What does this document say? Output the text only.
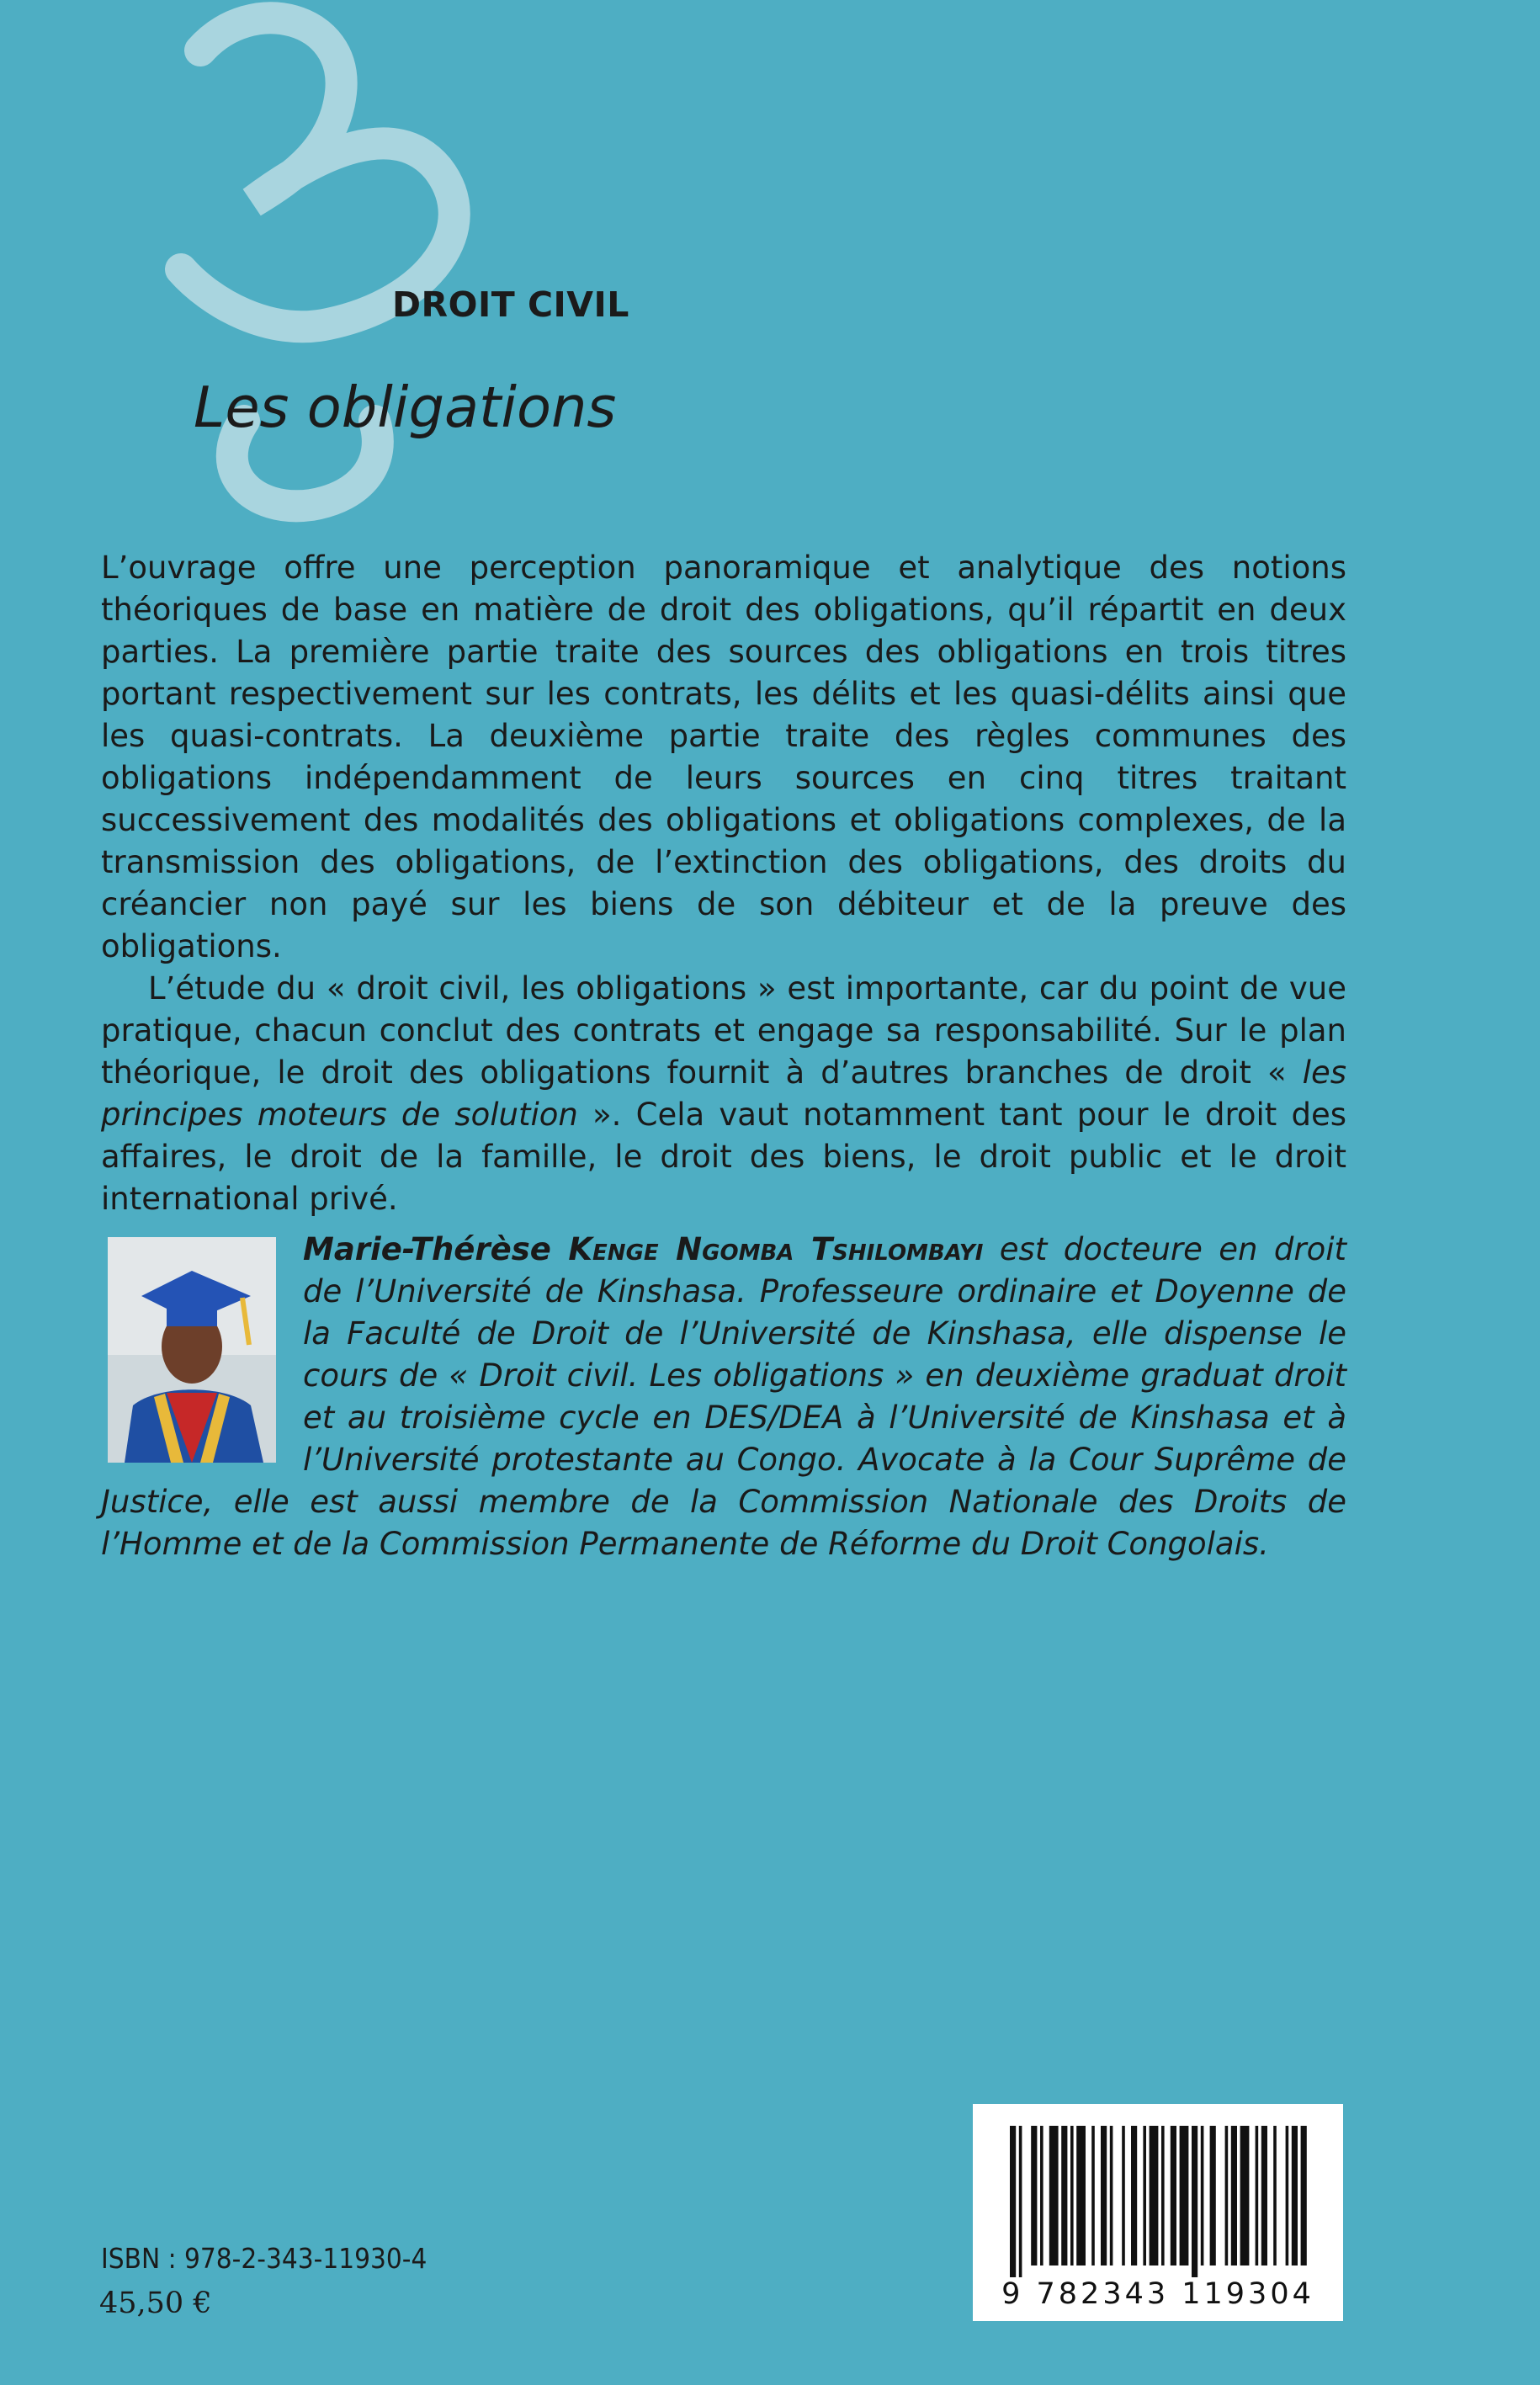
DROIT CIVIL
Les obligations

L’ouvrage offre une perception panoramique et analytique des notions théoriques de base en matière de droit des obligations, qu’il répartit en deux parties. La première partie traite des sources des obligations en trois titres portant respectivement sur les contrats, les délits et les quasi-délits ainsi que les quasi-contrats. La deuxième partie traite des règles communes des obligations indépendamment de leurs sources en cinq titres traitant successivement des modalités des obligations et obligations complexes, de la transmission des obligations, de l’extinction des obligations, des droits du créancier non payé sur les biens de son débiteur et de la preuve des obligations.

L’étude du « droit civil, les obligations » est importante, car du point de vue pratique, chacun conclut des contrats et engage sa responsabilité. Sur le plan théorique, le droit des obligations fournit à d’autres branches de droit « les principes moteurs de solution ». Cela vaut notamment tant pour le droit des affaires, le droit de la famille, le droit des biens, le droit public et le droit international privé.

Marie-Thérèse Kenge Ngomba Tshilombayi est docteure en droit de l’Université de Kinshasa. Professeure ordinaire et Doyenne de la Faculté de Droit de l’Université de Kinshasa, elle dispense le cours de « Droit civil. Les obligations » en deuxième graduat droit et au troisième cycle en DES/DEA à l’Université de Kinshasa et à l’Université protestante au Congo. Avocate à la Cour Suprême de Justice, elle est aussi membre de la Commission Nationale des Droits de l’Homme et de la Commission Permanente de Réforme du Droit Congolais.
ISBN : 978-2-343-11930-4
45,50 €	9 782343 119304
